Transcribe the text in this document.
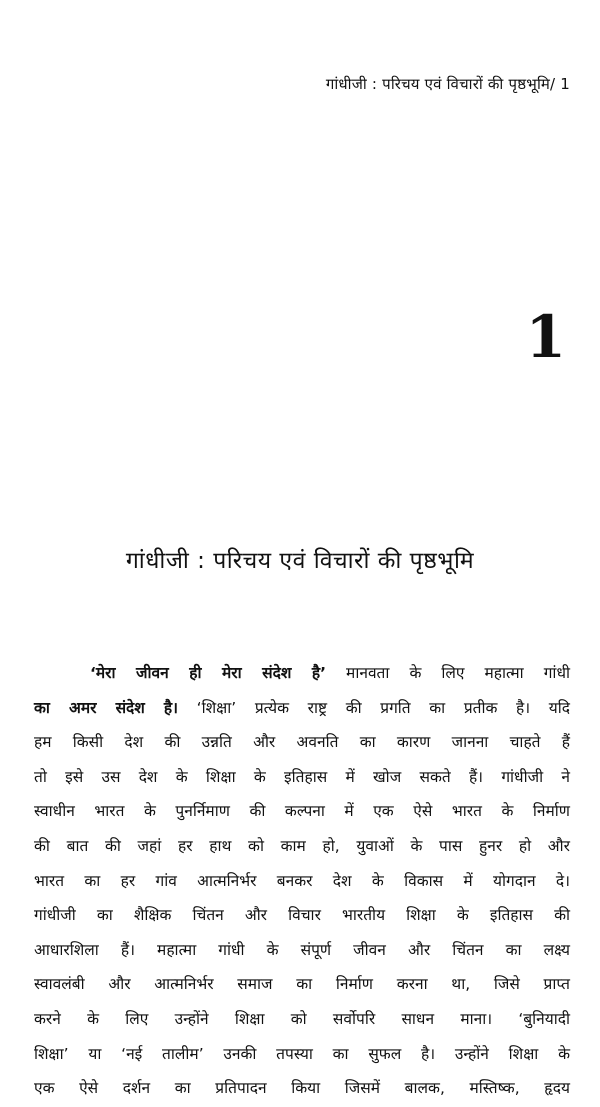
गांधीजी : परिचय एवं विचारों की पृष्ठभूमि/ 1
1
गांधीजी : परिचय एवं विचारों की पृष्ठभूमि
‘मेरा जीवन ही मेरा संदेश है’ मानवता के लिए महात्मा गांधी
का अमर संदेश है। ‘शिक्षा’ प्रत्येक राष्ट्र की प्रगति का प्रतीक है। यदि
हम किसी देश की उन्नति और अवनति का कारण जानना चाहते हैं
तो इसे उस देश के शिक्षा के इतिहास में खोज सकते हैं। गांधीजी ने
स्वाधीन भारत के पुनर्निमाण की कल्पना में एक ऐसे भारत के निर्माण
की बात की जहां हर हाथ को काम हो, युवाओं के पास हुनर हो और
भारत का हर गांव आत्मनिर्भर बनकर देश के विकास में योगदान दे।
गांधीजी का शैक्षिक चिंतन और विचार भारतीय शिक्षा के इतिहास की
आधारशिला हैं। महात्मा गांधी के संपूर्ण जीवन और चिंतन का लक्ष्य
स्वावलंबी और आत्मनिर्भर समाज का निर्माण करना था, जिसे प्राप्त
करने के लिए उन्होंने शिक्षा को सर्वोपरि साधन माना। ‘बुनियादी
शिक्षा’ या ‘नई तालीम’ उनकी तपस्या का सुफल है। उन्होंने शिक्षा के
एक ऐसे दर्शन का प्रतिपादन किया जिसमें बालक, मस्तिष्क, हृदय
